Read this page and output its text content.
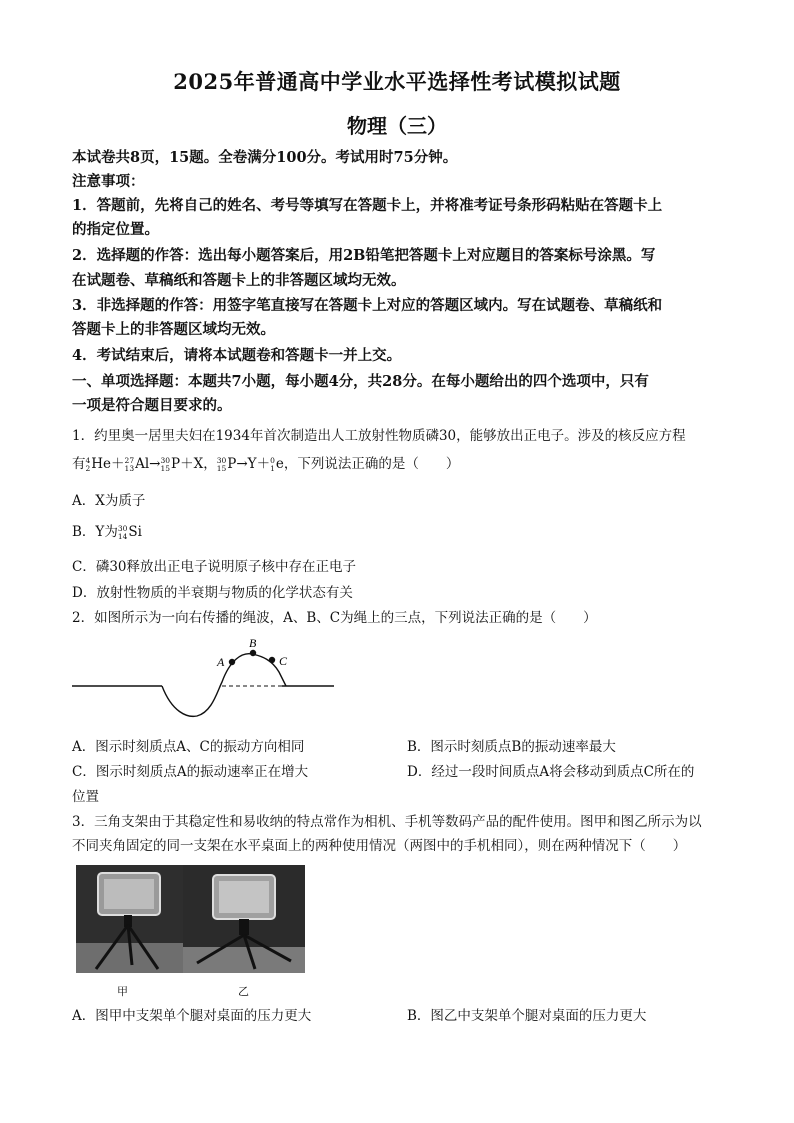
2025年普通高中学业水平选择性考试模拟试题
物理（三）
本试卷共8页，15题。全卷满分100分。考试用时75分钟。
注意事项：
1．答题前，先将自己的姓名、考号等填写在答题卡上，并将准考证号条形码粘贴在答题卡上
的指定位置。
2．选择题的作答：选出每小题答案后，用2B铅笔把答题卡上对应题目的答案标号涂黑。写
在试题卷、草稿纸和答题卡上的非答题区域均无效。
3．非选择题的作答：用签字笔直接写在答题卡上对应的答题区域内。写在试题卷、草稿纸和
答题卡上的非答题区域均无效。
4．考试结束后，请将本试题卷和答题卡一并上交。
一、单项选择题：本题共7小题，每小题4分，共28分。在每小题给出的四个选项中，只有
一项是符合题目要求的。
1．约里奥一居里夫妇在1934年首次制造出人工放射性物质磷30，能够放出正电子。涉及的核反应方程
有 4
2 He＋ 27
13 Al→ 30
15 P＋X， 30
15 P→Y＋ 0
1 e，下列说法正确的是（　　）
A．X为质子
B．Y为 30
14 Si
C．磷30释放出正电子说明原子核中存在正电子
D．放射性物质的半衰期与物质的化学状态有关
2．如图所示为一向右传播的绳波，A、B、C为绳上的三点，下列说法正确的是（　　）
A
B
C
A．图示时刻质点A、C的振动方向相同	B．图示时刻质点B的振动速率最大
C．图示时刻质点A的振动速率正在增大	D．经过一段时间质点A将会移动到质点C所在的
位置
3．三角支架由于其稳定性和易收纳的特点常作为相机、手机等数码产品的配件使用。图甲和图乙所示为以
不同夹角固定的同一支架在水平桌面上的两种使用情况（两图中的手机相同），则在两种情况下（　　）
甲	乙
A．图甲中支架单个腿对桌面的压力更大	B．图乙中支架单个腿对桌面的压力更大
